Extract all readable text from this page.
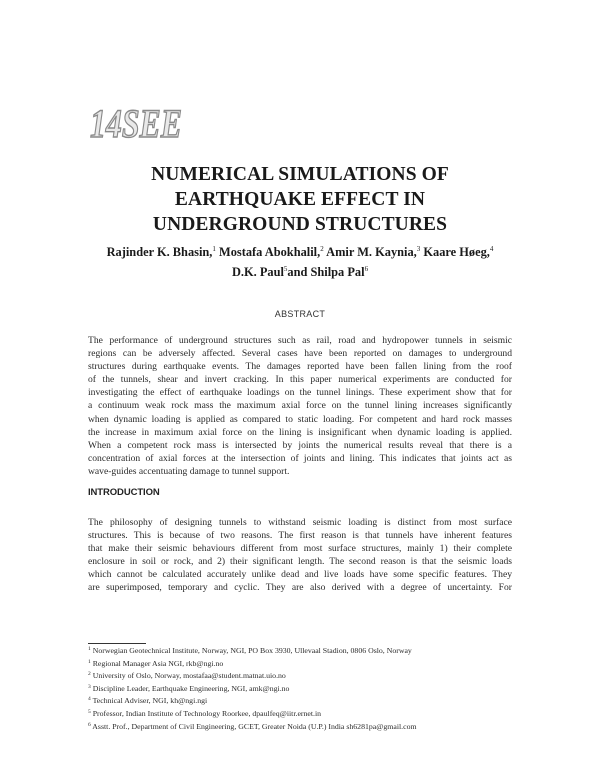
14SEE
NUMERICAL SIMULATIONS OF
EARTHQUAKE EFFECT IN
UNDERGROUND STRUCTURES
Rajinder K. Bhasin,$^1$ Mostafa Abokhalil,$^2$ Amir M. Kaynia,$^3$ Kaare Høeg,$^4$
D.K. Paul$^5$and Shilpa Pal$^6$
ABSTRACT
The performance of underground structures such as rail, road and hydropower tunnels in seismic
regions can be adversely affected. Several cases have been reported on damages to underground
structures during earthquake events. The damages reported have been fallen lining from the roof
of the tunnels, shear and invert cracking. In this paper numerical experiments are conducted for
investigating the effect of earthquake loadings on the tunnel linings. These experiment show that for
a continuum weak rock mass the maximum axial force on the tunnel lining increases significantly
when dynamic loading is applied as compared to static loading. For competent and hard rock masses
the increase in maximum axial force on the lining is insignificant when dynamic loading is applied.
When a competent rock mass is intersected by joints the numerical results reveal that there is a
concentration of axial forces at the intersection of joints and lining. This indicates that joints act as
wave-guides accentuating damage to tunnel support.
INTRODUCTION
The philosophy of designing tunnels to withstand seismic loading is distinct from most surface
structures. This is because of two reasons. The first reason is that tunnels have inherent features
that make their seismic behaviours different from most surface structures, mainly 1) their complete
enclosure in soil or rock, and 2) their significant length. The second reason is that the seismic loads
which cannot be calculated accurately unlike dead and live loads have some specific features. They
are superimposed, temporary and cyclic. They are also derived with a degree of uncertainty. For
$^1$ Norwegian Geotechnical Institute, Norway, NGI, PO Box 3930, Ullevaal Stadion, 0806 Oslo, Norway
$^1$ Regional Manager Asia NGI, rkb@ngi.no
$^2$ University of Oslo, Norway, mostafaa@student.matnat.uio.no
$^3$ Discipline Leader, Earthquake Engineering, NGI, amk@ngi.no
$^4$ Technical Adviser, NGI, kh@ngi.ngi
$^5$ Professor, Indian Institute of Technology Roorkee, dpaulfeq@iitr.ernet.in
$^6$ Asstt. Prof., Department of Civil Engineering, GCET, Greater Noida (U.P.) India sh6281pa@gmail.com
